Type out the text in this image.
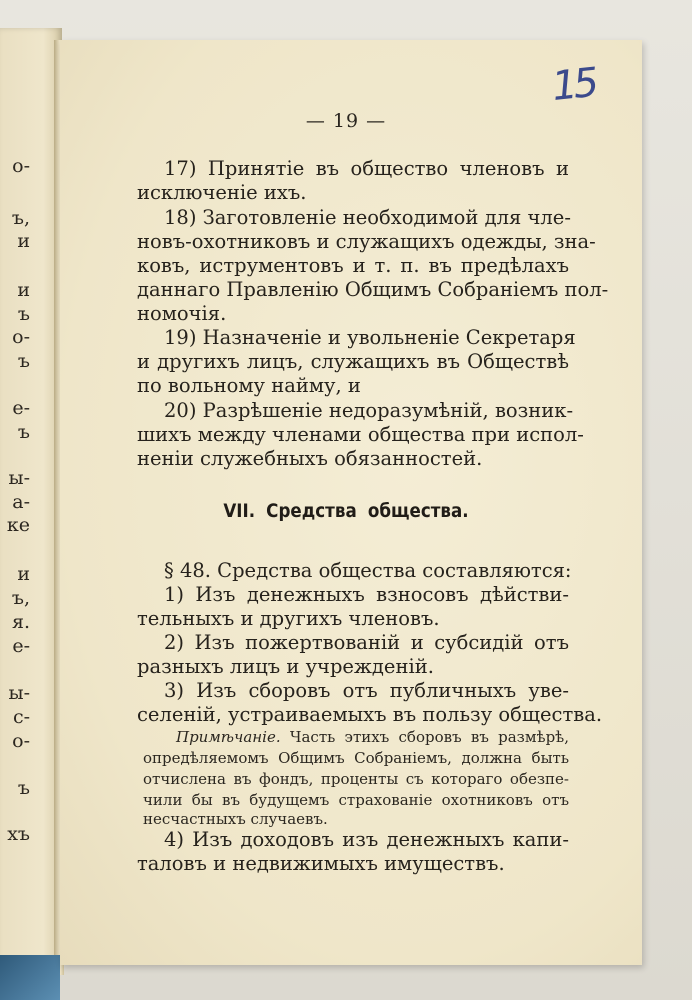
о-
ъ,
и
и
ъ
о-
ъ
е-
ъ
ы-
а-
ке
и
ъ,
я.
е-
ы-
с-
о-
ъ
хъ
15
— 19 —
17) Принятіе въ общество членовъ и
исключеніе ихъ.
18) Заготовленіе необходимой для чле-
новъ-охотниковъ и служащихъ одежды, зна-
ковъ, иструментовъ и т. п. въ предѣлахъ
даннаго Правленію Общимъ Собраніемъ пол-
номочія.
19) Назначеніе и увольненіе Секретаря
и другихъ лицъ, служащихъ въ Обществѣ
по вольному найму, и
20) Разрѣшеніе недоразумѣній, возник-
шихъ между членами общества при испол-
неніи служебныхъ обязанностей.
VII. Средства общества.
§ 48. Средства общества составляются:
1) Изъ денежныхъ взносовъ дѣйстви-
тельныхъ и другихъ членовъ.
2) Изъ пожертвованій и субсидій отъ
разныхъ лицъ и учрежденій.
3) Изъ сборовъ отъ публичныхъ уве-
селеній, устраиваемыхъ въ пользу общества.
Примѣчаніе. Часть этихъ сборовъ въ размѣрѣ,
опредѣляемомъ Общимъ Собраніемъ, должна быть
отчислена въ фондъ, проценты съ котораго обезпе-
чили бы въ будущемъ страхованіе охотниковъ отъ
несчастныхъ случаевъ.
4) Изъ доходовъ изъ денежныхъ капи-
таловъ и недвижимыхъ имуществъ.
